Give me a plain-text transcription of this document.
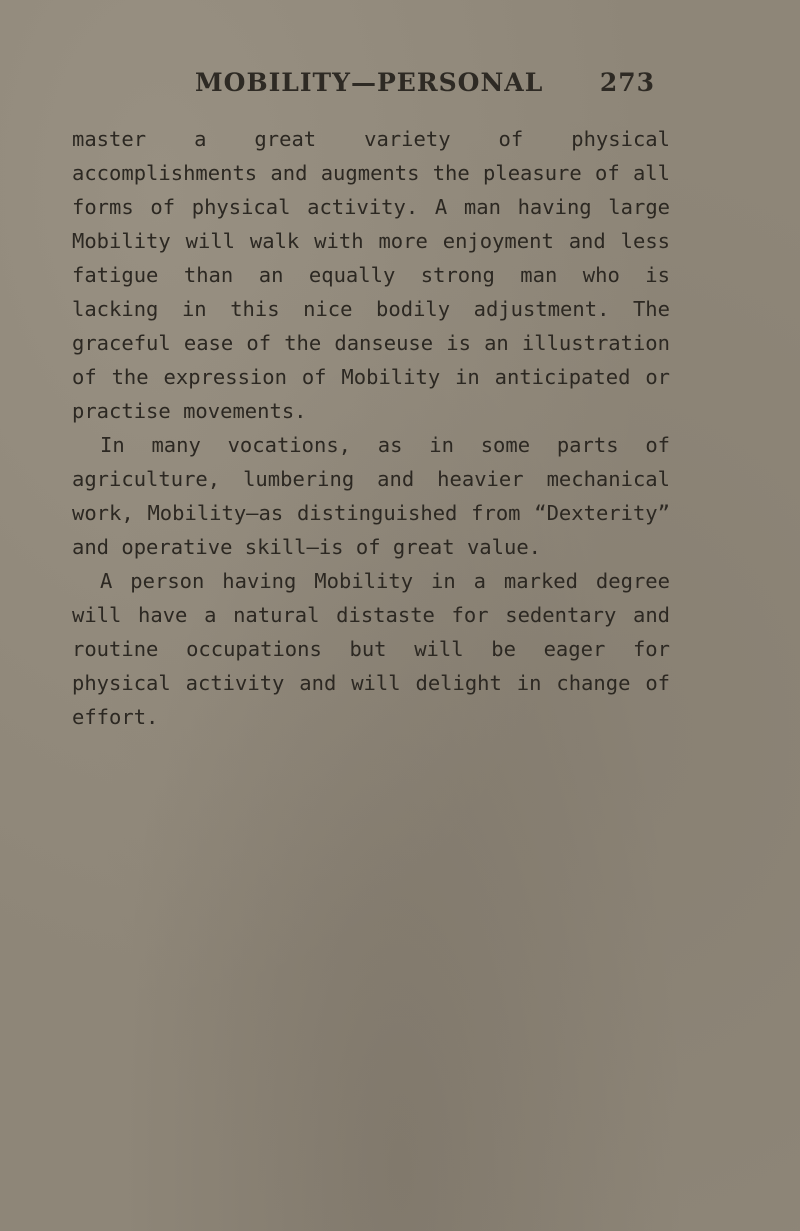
MOBILITY—PERSONAL 273

master a great variety of physical accomplishments and augments the pleasure of all forms of physical activity. A man having large Mobility will walk with more enjoyment and less fatigue than an equally strong man who is lacking in this nice bodily adjustment. The graceful ease of the danseuse is an illustration of the expression of Mobility in anticipated or practise movements.

In many vocations, as in some parts of agriculture, lumbering and heavier mechanical work, Mobility—as distinguished from “Dexterity” and operative skill—is of great value.

A person having Mobility in a marked degree will have a natural distaste for sedentary and routine occupations but will be eager for physical activity and will delight in change of effort.
